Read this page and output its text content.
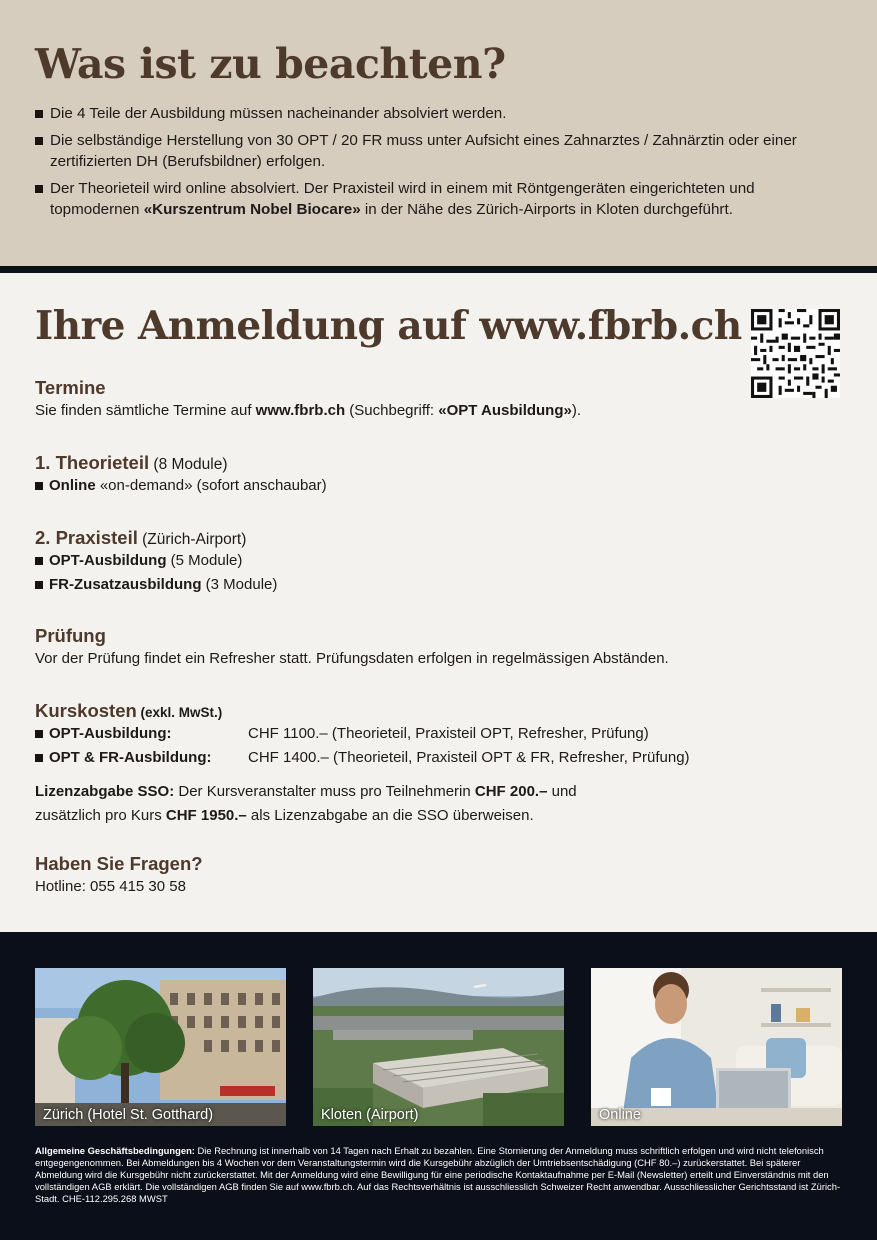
Was ist zu beachten?
Die 4 Teile der Ausbildung müssen nacheinander absolviert werden.
Die selbständige Herstellung von 30 OPT / 20 FR muss unter Aufsicht eines Zahnarztes / Zahnärztin oder einer zertifizierten DH (Berufsbildner) erfolgen.
Der Theorieteil wird online absolviert. Der Praxisteil wird in einem mit Röntgengeräten eingerichteten und topmodernen «Kurszentrum Nobel Biocare» in der Nähe des Zürich-Airports in Kloten durchgeführt.
Ihre Anmeldung auf www.fbrb.ch
Termine
Sie finden sämtliche Termine auf www.fbrb.ch (Suchbegriff: «OPT Ausbildung»).
1. Theorieteil (8 Module)
Online «on-demand» (sofort anschaubar)
2. Praxisteil (Zürich-Airport)
OPT-Ausbildung (5 Module)
FR-Zusatzausbildung (3 Module)
Prüfung
Vor der Prüfung findet ein Refresher statt. Prüfungsdaten erfolgen in regelmässigen Abständen.
Kurskosten (exkl. MwSt.)
OPT-Ausbildung:	CHF 1100.– (Theorieteil, Praxisteil OPT, Refresher, Prüfung)
OPT & FR-Ausbildung:	CHF 1400.– (Theorieteil, Praxisteil OPT & FR, Refresher, Prüfung)
Lizenzabgabe SSO: Der Kursveranstalter muss pro Teilnehmerin CHF 200.– und
zusätzlich pro Kurs CHF 1950.– als Lizenzabgabe an die SSO überweisen.
Haben Sie Fragen?
Hotline: 055 415 30 58
Zürich (Hotel St. Gotthard)	Kloten (Airport)	Online
Allgemeine Geschäftsbedingungen: Die Rechnung ist innerhalb von 14 Tagen nach Erhalt zu bezahlen. Eine Stornierung der Anmeldung muss schriftlich erfolgen und wird nicht telefonisch entgegengenommen. Bei Abmeldungen bis 4 Wochen vor dem Veranstaltungstermin wird die Kursgebühr abzüglich der Umtriebsentschädigung (CHF 80.–) zurückerstattet. Bei späterer Abmeldung wird die Kursgebühr nicht zurückerstattet. Mit der Anmeldung wird eine Bewilligung für eine periodische Kontaktaufnahme per E-Mail (Newsletter) erteilt und Einverständnis mit den vollständigen AGB erklärt. Die vollständigen AGB finden Sie auf www.fbrb.ch. Auf das Rechtsverhältnis ist ausschliesslich Schweizer Recht anwendbar. Ausschliesslicher Gerichtsstand ist Zürich-Stadt. CHE-112.295.268 MWST
